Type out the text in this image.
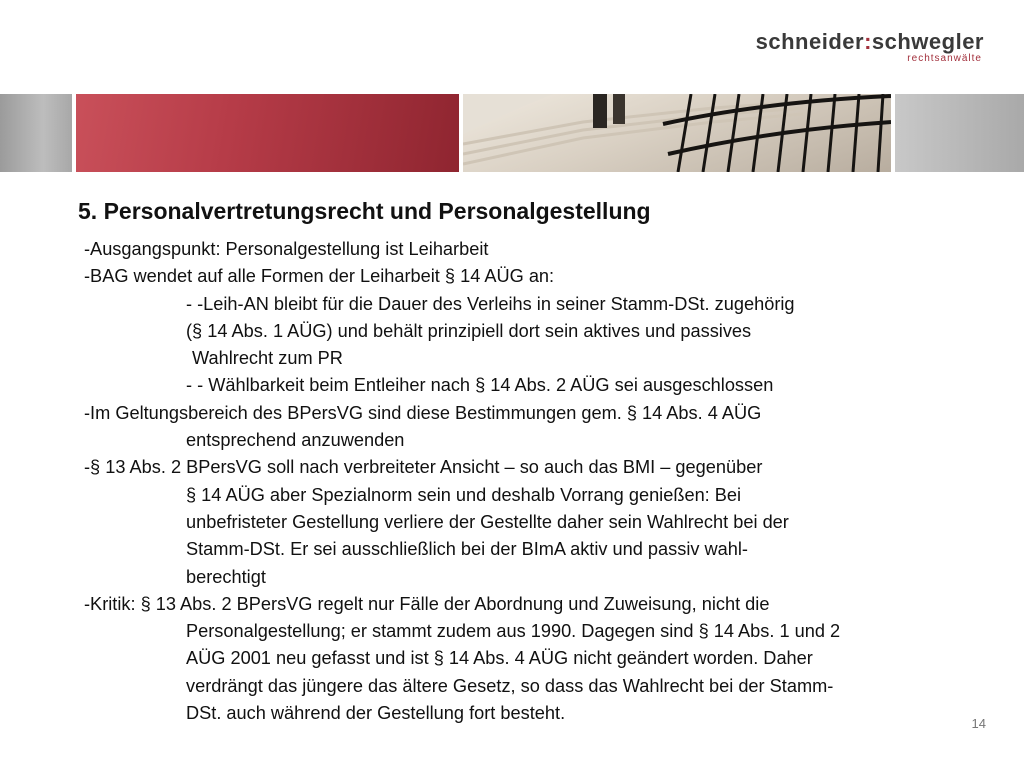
schneider:schwegler
rechtsanwälte
5. Personalvertretungsrecht und Personalgestellung
-Ausgangspunkt: Personalgestellung ist Leiharbeit
-BAG wendet auf alle Formen der Leiharbeit § 14 AÜG an:
- -Leih-AN bleibt für die Dauer des Verleihs in seiner Stamm-DSt. zugehörig
(§ 14 Abs. 1 AÜG) und behält prinzipiell dort sein aktives und passives
Wahlrecht zum PR
- - Wählbarkeit beim Entleiher nach § 14 Abs. 2 AÜG sei ausgeschlossen
-Im Geltungsbereich des BPersVG sind diese Bestimmungen gem. § 14 Abs. 4 AÜG
entsprechend anzuwenden
-§ 13 Abs. 2 BPersVG soll nach verbreiteter Ansicht – so auch das BMI – gegenüber
§ 14 AÜG aber Spezialnorm sein und deshalb Vorrang genießen: Bei
unbefristeter Gestellung verliere der Gestellte daher sein Wahlrecht bei der
Stamm-DSt. Er sei ausschließlich bei der BImA aktiv und passiv wahl-
berechtigt
-Kritik: § 13 Abs. 2 BPersVG regelt nur Fälle der Abordnung und Zuweisung, nicht die
Personalgestellung; er stammt zudem aus 1990. Dagegen sind § 14 Abs. 1 und 2
AÜG 2001 neu gefasst und ist § 14 Abs. 4 AÜG nicht geändert worden. Daher
verdrängt das jüngere das ältere Gesetz, so dass das Wahlrecht bei der Stamm-
DSt. auch während der Gestellung fort besteht.
14
